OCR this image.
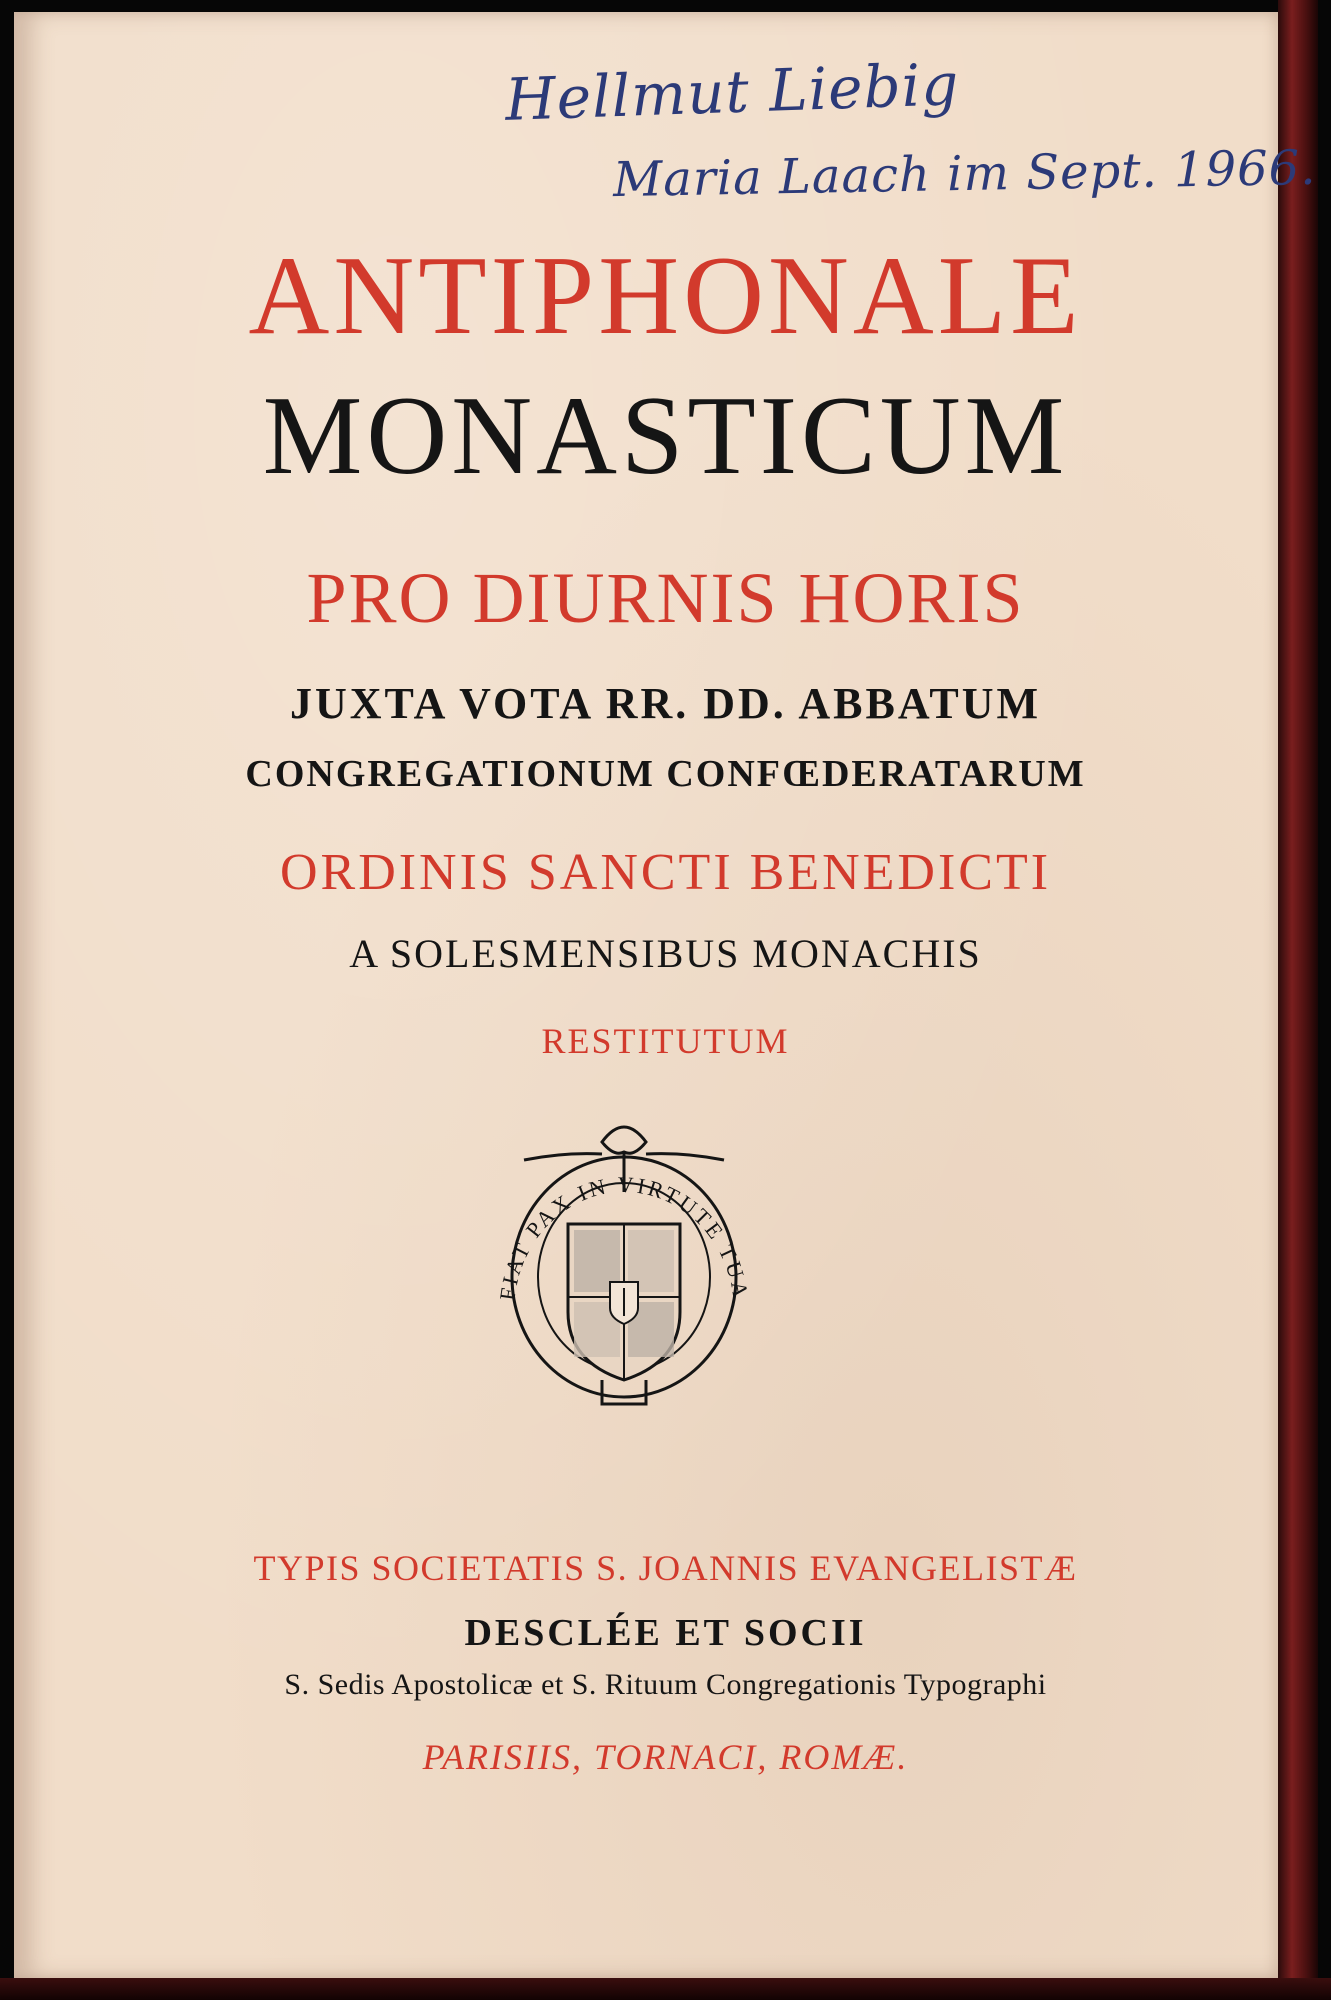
Hellmut Liebig
Maria Laach im Sept. 1966.
ANTIPHONALE
MONASTICUM
PRO DIURNIS HORIS
JUXTA VOTA RR. DD. ABBATUM
CONGREGATIONUM CONFŒDERATARUM
ORDINIS SANCTI BENEDICTI
A SOLESMENSIBUS MONACHIS
RESTITUTUM
FIAT PAX IN VIRTUTE TUA
TYPIS SOCIETATIS S. JOANNIS EVANGELISTÆ
DESCLÉE ET SOCII
S. Sedis Apostolicæ et S. Rituum Congregationis Typographi
PARISIIS, TORNACI, ROMÆ.
